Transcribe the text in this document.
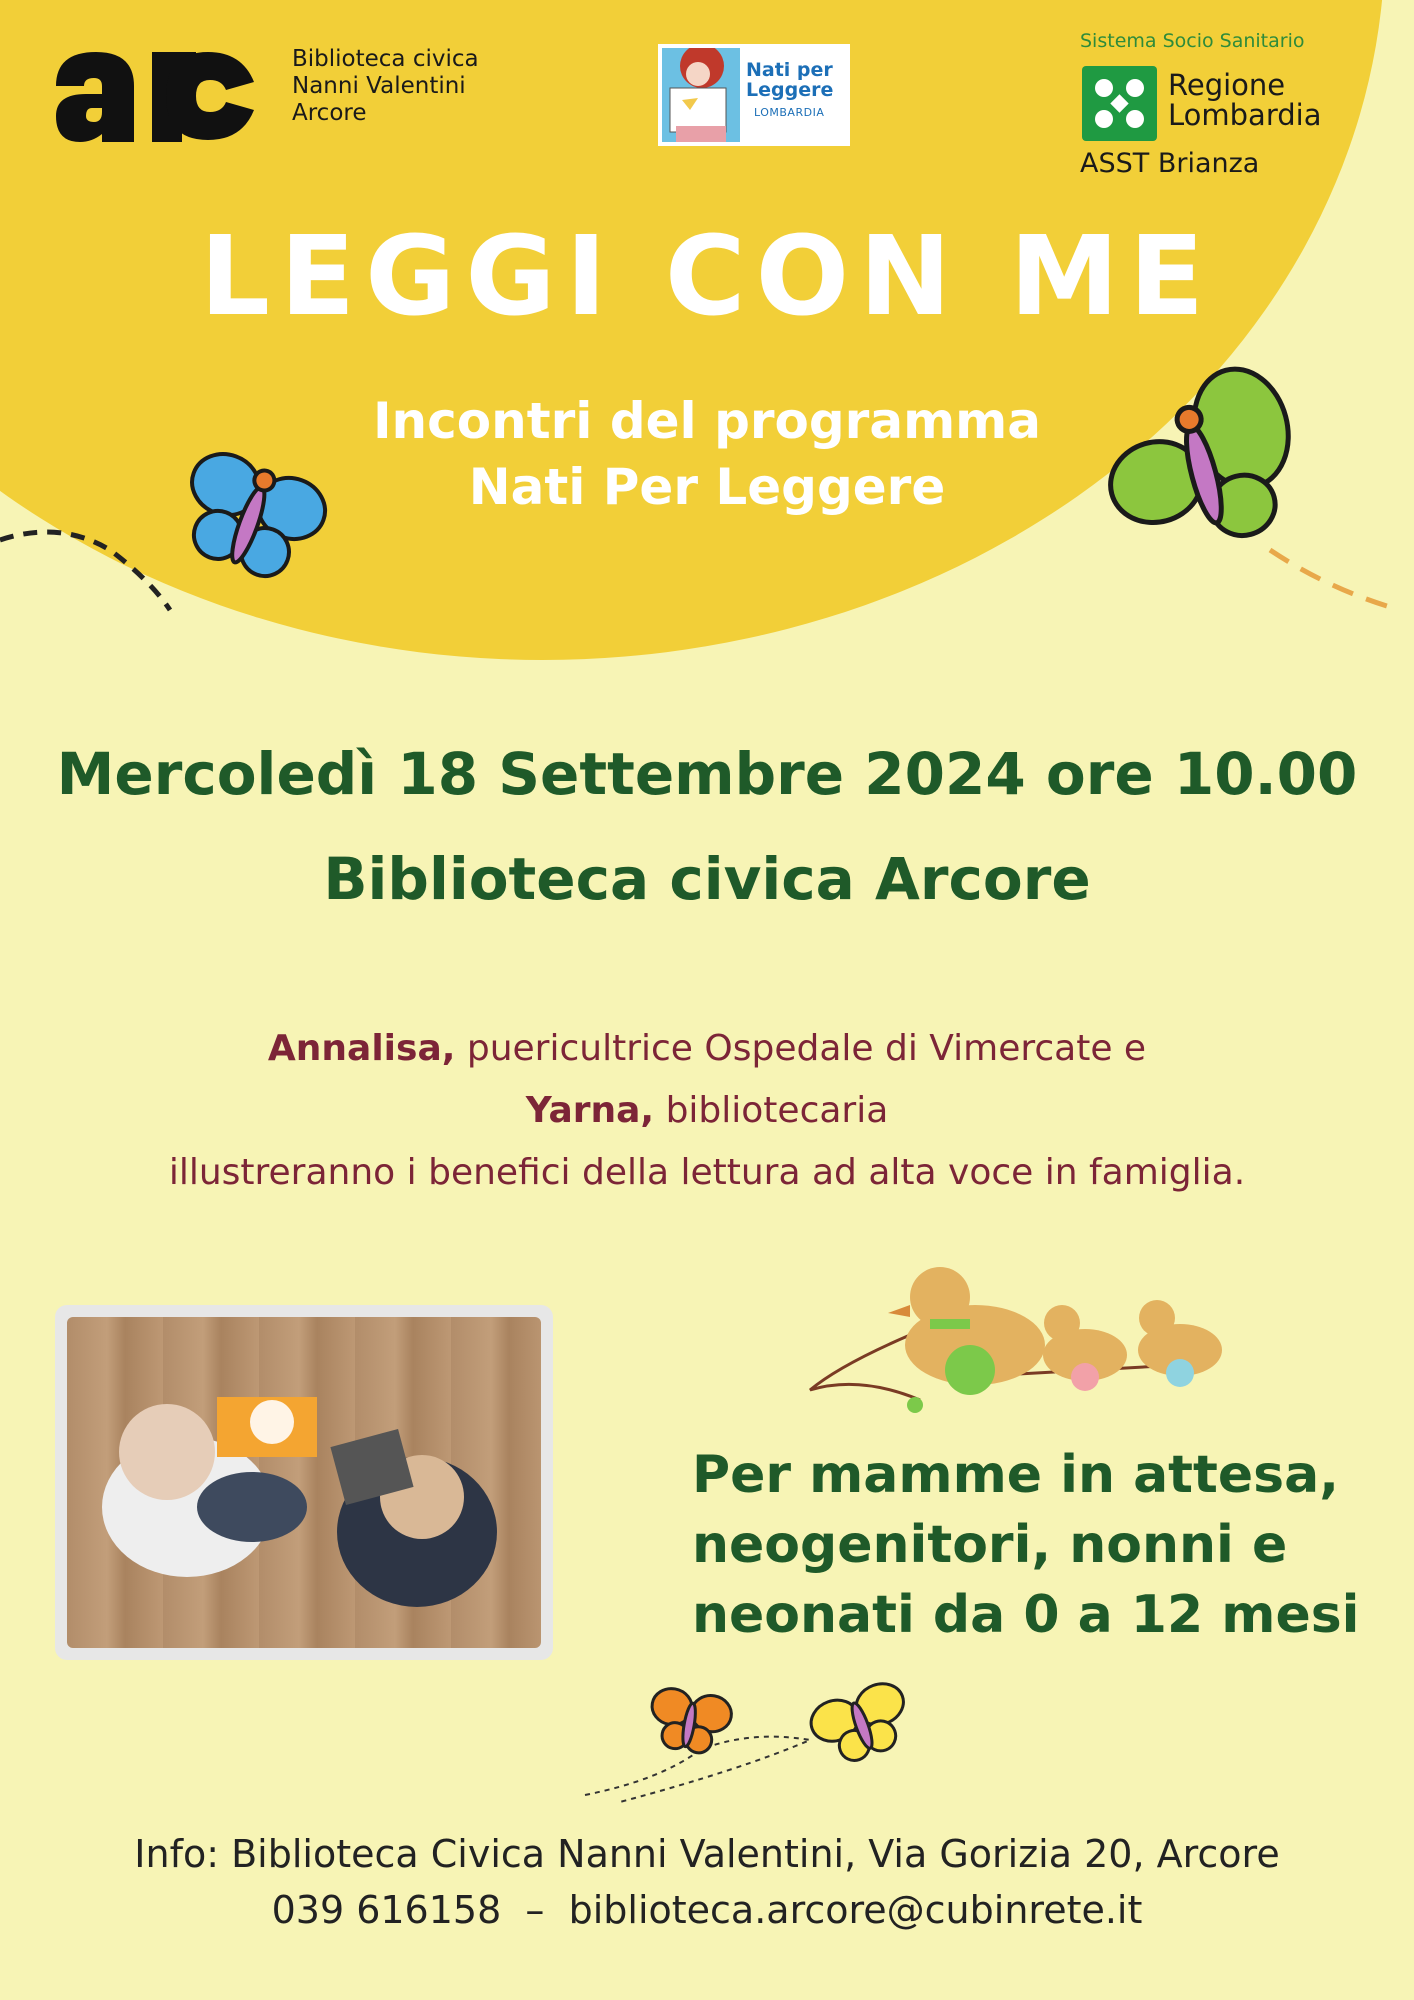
Biblioteca civica
Nanni Valentini
Arcore
Nati per
Leggere
LOMBARDIA
Sistema Socio Sanitario
Regione
Lombardia
ASST Brianza
LEGGI CON ME
Incontri del programma
Nati Per Leggere
Mercoledì 18 Settembre 2024 ore 10.00
Biblioteca civica Arcore
Annalisa, puericultrice Ospedale di Vimercate e
Yarna, bibliotecaria
illustreranno i benefici della lettura ad alta voce in famiglia.
Per mamme in attesa,
neogenitori, nonni e
neonati da 0 a 12 mesi
Info: Biblioteca Civica Nanni Valentini, Via Gorizia 20, Arcore
039 616158  –  biblioteca.arcore@cubinrete.it
